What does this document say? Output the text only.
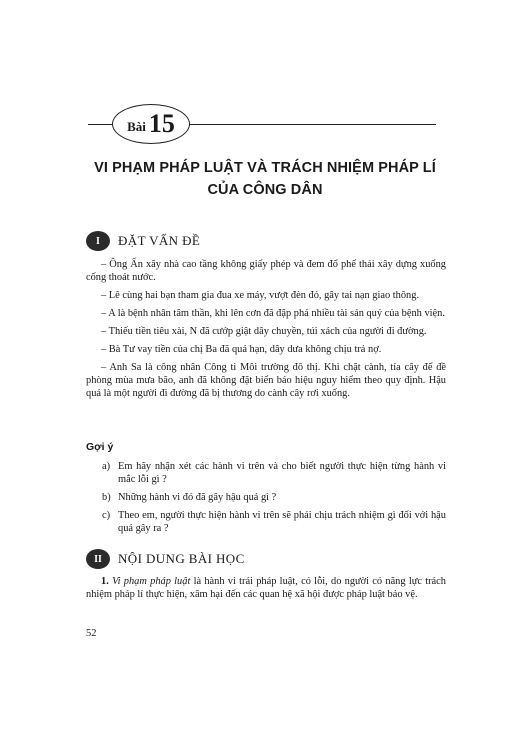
Bài 15
VI PHẠM PHÁP LUẬT VÀ TRÁCH NHIỆM PHÁP LÍ
CỦA CÔNG DÂN
I	ĐẶT VẤN ĐỀ

– Ông Ấn xây nhà cao tầng không giấy phép và đem đổ phế thải xây dựng xuống cống thoát nước.

– Lê cùng hai bạn tham gia đua xe máy, vượt đèn đỏ, gây tai nạn giao thông.

– A là bệnh nhân tâm thần, khi lên cơn đã đập phá nhiều tài sản quý của bệnh viện.

– Thiếu tiền tiêu xài, N đã cướp giật dây chuyền, túi xách của người đi đường.

– Bà Tư vay tiền của chị Ba đã quá hạn, dây dưa không chịu trả nợ.

– Anh Sa là công nhân Công ti Môi trường đô thị. Khi chặt cành, tỉa cây để đề phòng mùa mưa bão, anh đã không đặt biển báo hiệu nguy hiểm theo quy định. Hậu quả là một người đi đường đã bị thương do cành cây rơi xuống.

Gợi ý
a) Em hãy nhận xét các hành vi trên và cho biết người thực hiện từng hành vi mắc lỗi gì ?
b) Những hành vi đó đã gây hậu quả gì ?
c) Theo em, người thực hiện hành vi trên sẽ phải chịu trách nhiệm gì đối với hậu quả gây ra ?
II	NỘI DUNG BÀI HỌC

1. Vi phạm pháp luật là hành vi trái pháp luật, có lỗi, do người có năng lực trách nhiệm pháp lí thực hiện, xâm hại đến các quan hệ xã hội được pháp luật bảo vệ.

52
